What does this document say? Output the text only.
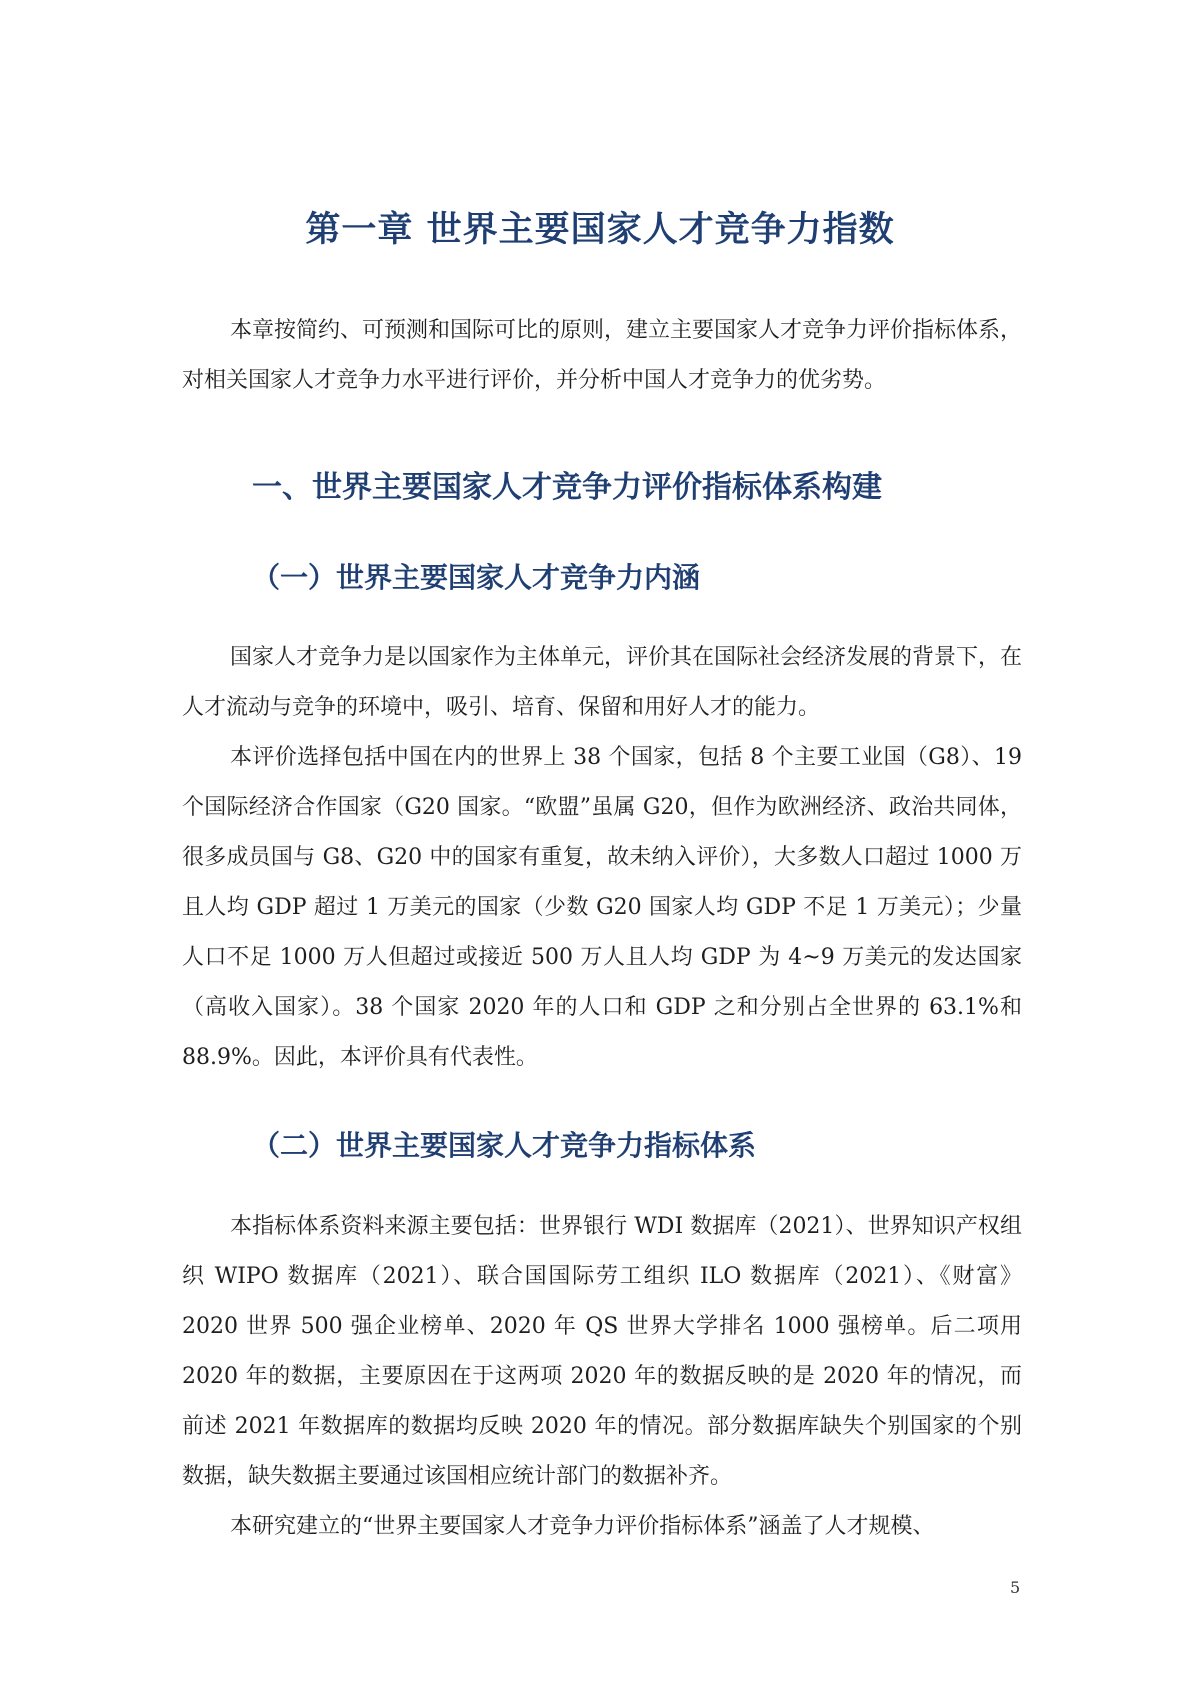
第一章 世界主要国家人才竞争力指数

本章按简约、可预测和国际可比的原则，建立主要国家人才竞争力评价指标体系，对相关国家人才竞争力水平进行评价，并分析中国人才竞争力的优劣势。

一、世界主要国家人才竞争力评价指标体系构建
（一）世界主要国家人才竞争力内涵

国家人才竞争力是以国家作为主体单元，评价其在国际社会经济发展的背景下，在人才流动与竞争的环境中，吸引、培育、保留和用好人才的能力。

本评价选择包括中国在内的世界上 38 个国家，包括 8 个主要工业国（G8）、19 个国际经济合作国家（G20 国家。“欧盟”虽属 G20，但作为欧洲经济、政治共同体，很多成员国与 G8、G20 中的国家有重复，故未纳入评价），大多数人口超过 1000 万且人均 GDP 超过 1 万美元的国家（少数 G20 国家人均 GDP 不足 1 万美元）；少量人口不足 1000 万人但超过或接近 500 万人且人均 GDP 为 4~9 万美元的发达国家（高收入国家）。38 个国家 2020 年的人口和 GDP 之和分别占全世界的 63.1%和 88.9%。因此，本评价具有代表性。

（二）世界主要国家人才竞争力指标体系

本指标体系资料来源主要包括：世界银行 WDI 数据库（2021）、世界知识产权组织 WIPO 数据库（2021）、联合国国际劳工组织 ILO 数据库（2021）、《财富》2020 世界 500 强企业榜单、2020 年 QS 世界大学排名 1000 强榜单。后二项用 2020 年的数据，主要原因在于这两项 2020 年的数据反映的是 2020 年的情况，而前述 2021 年数据库的数据均反映 2020 年的情况。部分数据库缺失个别国家的个别数据，缺失数据主要通过该国相应统计部门的数据补齐。

本研究建立的“世界主要国家人才竞争力评价指标体系”涵盖了人才规模、

5
